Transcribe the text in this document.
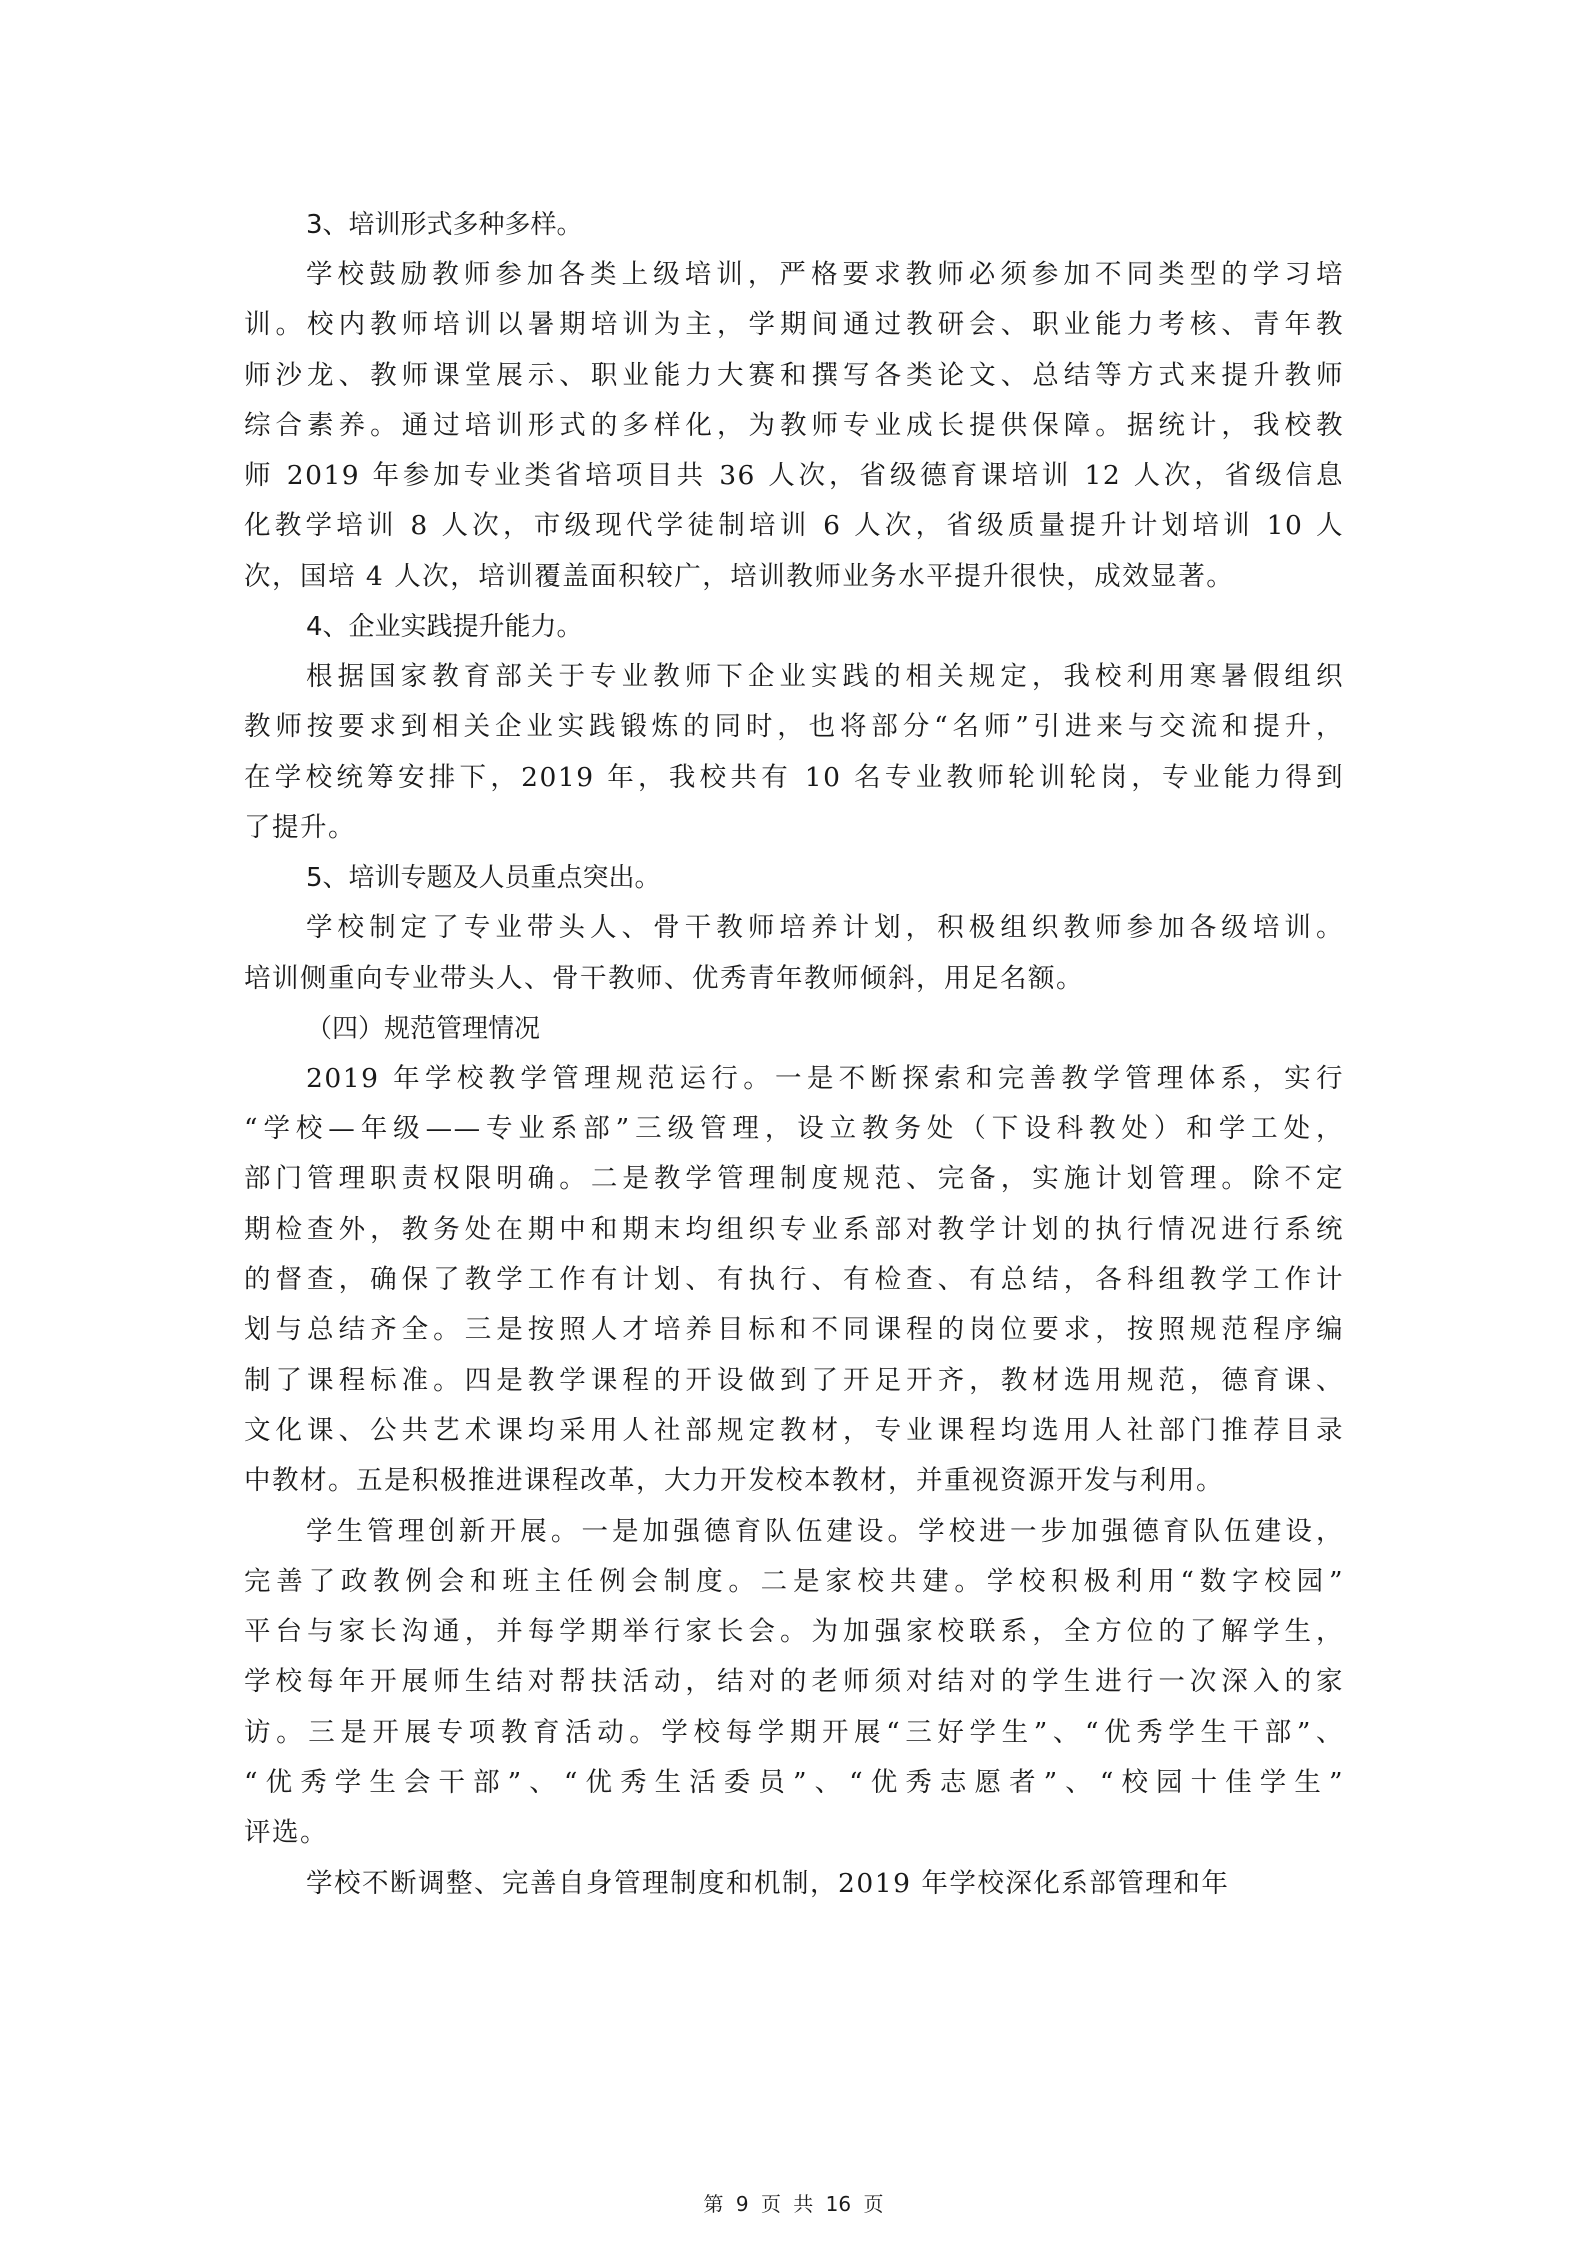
3、培训形式多种多样。
学校鼓励教师参加各类上级培训，严格要求教师必须参加不同类型的学习培
训。校内教师培训以暑期培训为主，学期间通过教研会、职业能力考核、青年教
师沙龙、教师课堂展示、职业能力大赛和撰写各类论文、总结等方式来提升教师
综合素养。通过培训形式的多样化，为教师专业成长提供保障。据统计，我校教
师 2019 年参加专业类省培项目共 36 人次，省级德育课培训 12 人次，省级信息
化教学培训 8 人次，市级现代学徒制培训 6 人次，省级质量提升计划培训 10 人
次，国培 4 人次，培训覆盖面积较广，培训教师业务水平提升很快，成效显著。
4、企业实践提升能力。
根据国家教育部关于专业教师下企业实践的相关规定，我校利用寒暑假组织
教师按要求到相关企业实践锻炼的同时，也将部分“名师”引进来与交流和提升，
在学校统筹安排下，2019 年，我校共有 10 名专业教师轮训轮岗，专业能力得到
了提升。
5、培训专题及人员重点突出。
学校制定了专业带头人、骨干教师培养计划，积极组织教师参加各级培训。
培训侧重向专业带头人、骨干教师、优秀青年教师倾斜，用足名额。
（四）规范管理情况
2019 年学校教学管理规范运行。一是不断探索和完善教学管理体系，实行
“学校—年级——专业系部”三级管理，设立教务处（下设科教处）和学工处，
部门管理职责权限明确。二是教学管理制度规范、完备，实施计划管理。除不定
期检查外，教务处在期中和期末均组织专业系部对教学计划的执行情况进行系统
的督查，确保了教学工作有计划、有执行、有检查、有总结，各科组教学工作计
划与总结齐全。三是按照人才培养目标和不同课程的岗位要求，按照规范程序编
制了课程标准。四是教学课程的开设做到了开足开齐，教材选用规范，德育课、
文化课、公共艺术课均采用人社部规定教材，专业课程均选用人社部门推荐目录
中教材。五是积极推进课程改革，大力开发校本教材，并重视资源开发与利用。
学生管理创新开展。一是加强德育队伍建设。学校进一步加强德育队伍建设，
完善了政教例会和班主任例会制度。二是家校共建。学校积极利用“数字校园”
平台与家长沟通，并每学期举行家长会。为加强家校联系，全方位的了解学生，
学校每年开展师生结对帮扶活动，结对的老师须对结对的学生进行一次深入的家
访。三是开展专项教育活动。学校每学期开展“三好学生”、“优秀学生干部”、
“优秀学生会干部”、“优秀生活委员”、“优秀志愿者”、“校园十佳学生”
评选。
学校不断调整、完善自身管理制度和机制，2019 年学校深化系部管理和年
第 9 页 共 16 页
